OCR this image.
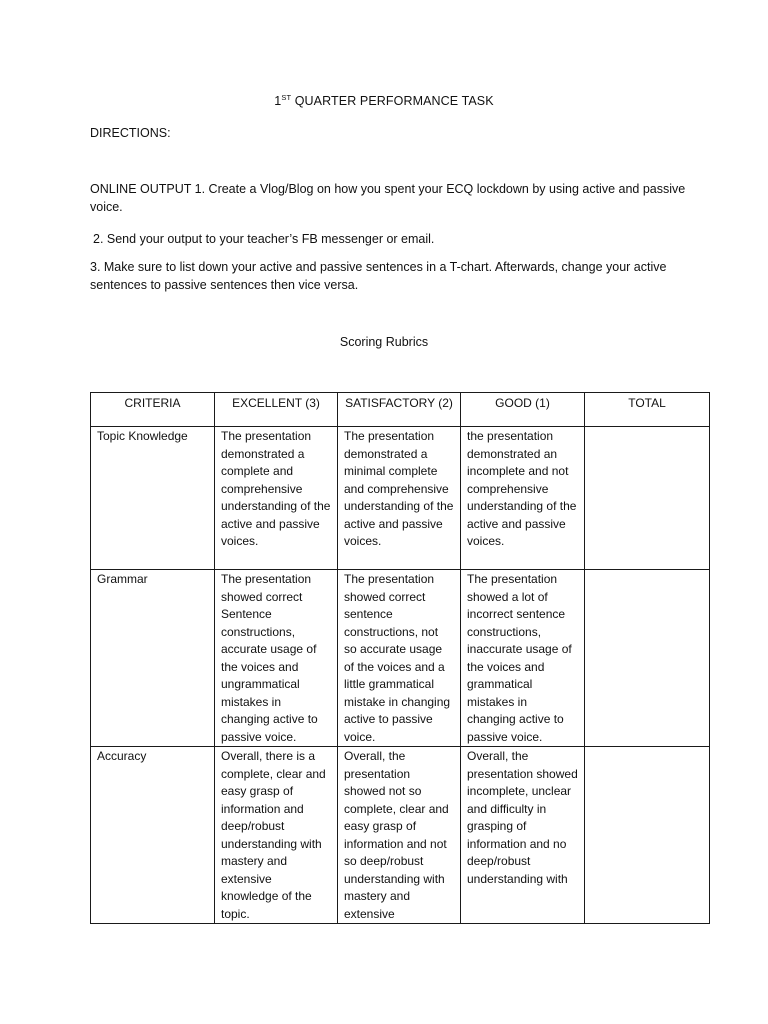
1ST QUARTER PERFORMANCE TASK
DIRECTIONS:
ONLINE OUTPUT 1. Create a Vlog/Blog on how you spent your ECQ lockdown by using active and passive voice.
2. Send your output to your teacher’s FB messenger or email.
3. Make sure to list down your active and passive sentences in a T-chart. Afterwards, change your active sentences to passive sentences then vice versa.
Scoring Rubrics
CRITERIA	EXCELLENT (3)	SATISFACTORY (2)	GOOD (1)	TOTAL
Topic Knowledge	The presentation demonstrated a complete and comprehensive understanding of the active and passive voices.	The presentation demonstrated a minimal complete and comprehensive understanding of the active and passive voices.	the presentation demonstrated an incomplete and not comprehensive understanding of the active and passive voices.	
Grammar	The presentation showed correct Sentence constructions, accurate usage of the voices and ungrammatical mistakes in changing active to passive voice.	The presentation showed correct sentence constructions, not so accurate usage of the voices and a little grammatical mistake in changing active to passive voice.	The presentation showed a lot of incorrect sentence constructions, inaccurate usage of the voices and grammatical mistakes in changing active to passive voice.	
Accuracy	Overall, there is a complete, clear and easy grasp of information and deep/robust understanding with mastery and extensive knowledge of the topic.	Overall, the presentation showed not so complete, clear and easy grasp of information and not so deep/robust understanding with mastery and extensive	Overall, the presentation showed incomplete, unclear and difficulty in grasping of information and no deep/robust understanding with	
